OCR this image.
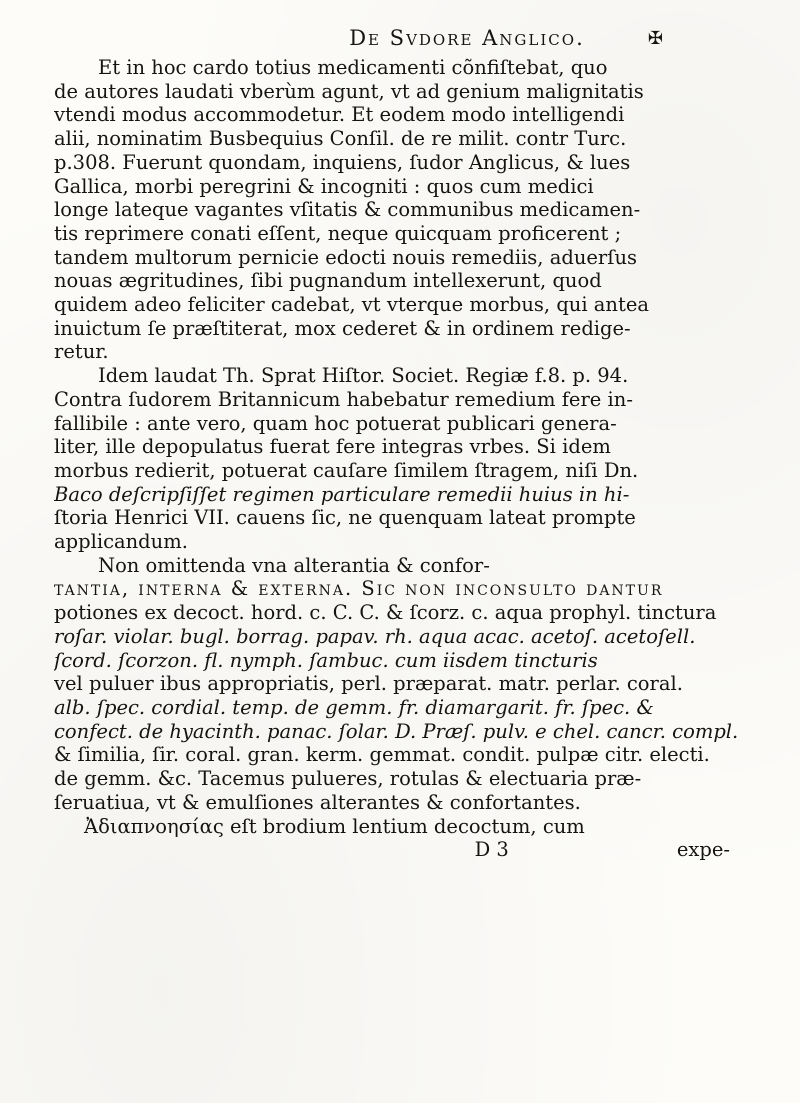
De Svdore Anglico.	✠
Et in hoc cardo totius medicamenti cõnfiſtebat, quo
de autores laudati vberùm agunt, vt ad genium malignitatis
vtendi modus accommodetur. Et eodem modo intelligendi
alii, nominatim Busbequius Conſil. de re milit. contr Turc.
p.308. Fuerunt quondam, inquiens, ſudor Anglicus, & lues
Gallica, morbi peregrini & incogniti : quos cum medici
longe lateque vagantes vſitatis & communibus medicamen-
tis reprimere conati eſſent, neque quicquam proficerent ;
tandem multorum pernicie edocti nouis remediis, aduerſus
nouas ægritudines, ſibi pugnandum intellexerunt, quod
quidem adeo feliciter cadebat, vt vterque morbus, qui antea
inuictum ſe præſtiterat, mox cederet & in ordinem redige-
retur.
Idem laudat Th. Sprat Hiſtor. Societ. Regiæ f.8. p. 94.
Contra ſudorem Britannicum habebatur remedium fere in-
fallibile : ante vero, quam hoc potuerat publicari genera-
liter, ille depopulatus fuerat fere integras vrbes. Si idem
morbus redierit, potuerat cauſare ſimilem ſtragem, niſi Dn.
Baco deſcripſiſſet regimen particulare remedii huius in hi-
ſtoria Henrici VII. cauens ſic, ne quenquam lateat prompte
applicandum.
Non omittenda vna alterantia & confor-
tantia, interna & externa. Sic non inconſulto dantur
potiones ex decoct. hord. c. C. C. & ſcorz. c. aqua prophyl. tinctura
roſar. violar. bugl. borrag. papav. rh. aqua acac. acetoſ. acetoſell.
ſcord. ſcorzon. fl. nymph. ſambuc. cum iisdem tincturis
vel puluer ibus appropriatis, perl. præparat. matr. perlar. coral.
alb. ſpec. cordial. temp. de gemm. fr. diamargarit. fr. ſpec. &
confect. de hyacinth. panac. ſolar. D. Præſ. pulv. e chel. cancr. compl.
& ſimilia, ſir. coral. gran. kerm. gemmat. condit. pulpæ citr. electi.
de gemm. &c. Tacemus pulueres, rotulas & electuaria præ-
ſeruatiua, vt & emulſiones alterantes & confortantes.
Ἀδιαπνοησίας eſt brodium lentium decoctum, cum
D 3	expe-
